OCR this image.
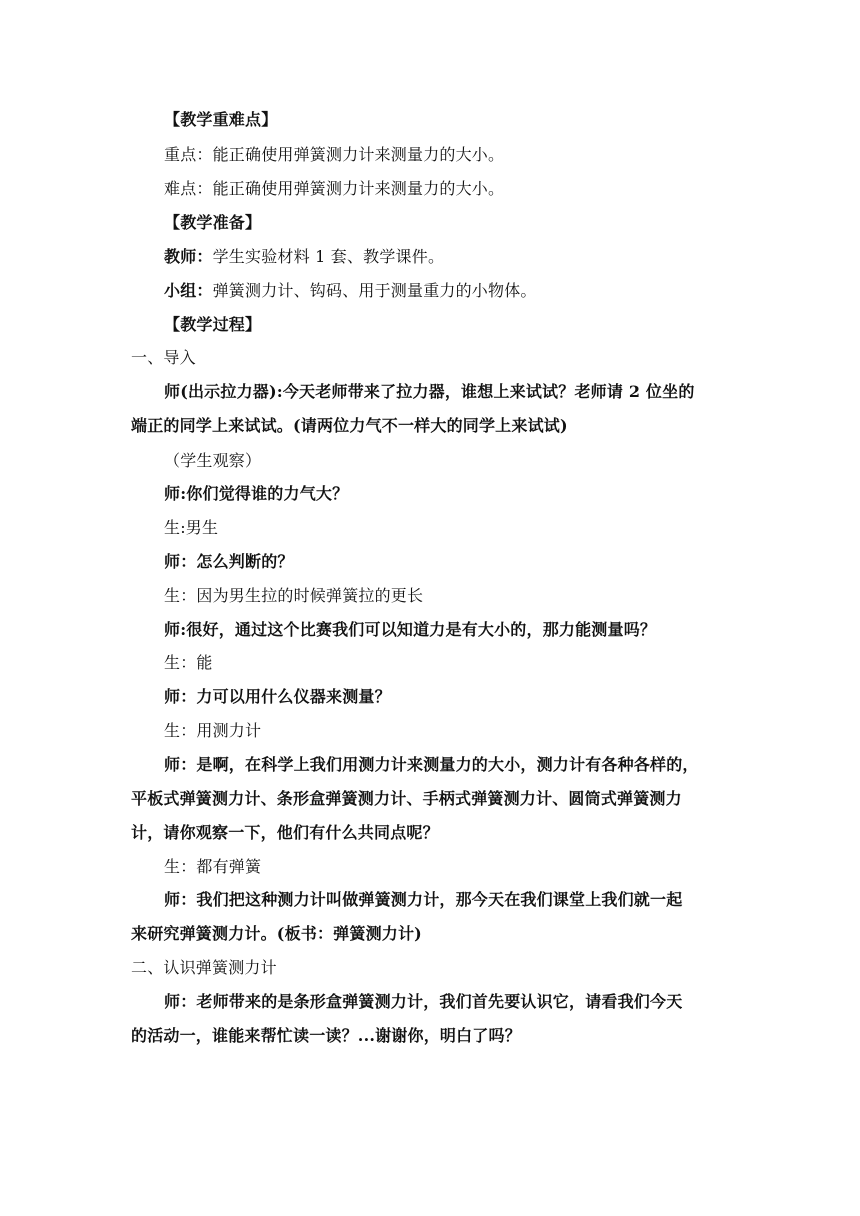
【教学重难点】
重点：能正确使用弹簧测力计来测量力的大小。
难点：能正确使用弹簧测力计来测量力的大小。
【教学准备】
教师：学生实验材料 1 套、教学课件。
小组：弹簧测力计、钩码、用于测量重力的小物体。
【教学过程】
一、导入
师(出示拉力器):今天老师带来了拉力器，谁想上来试试？老师请 2 位坐的
端正的同学上来试试。(请两位力气不一样大的同学上来试试)
（学生观察）
师:你们觉得谁的力气大？
生:男生
师：怎么判断的？
生：因为男生拉的时候弹簧拉的更长
师:很好，通过这个比赛我们可以知道力是有大小的，那力能测量吗？
生：能
师：力可以用什么仪器来测量？
生：用测力计
师：是啊，在科学上我们用测力计来测量力的大小，测力计有各种各样的，
平板式弹簧测力计、条形盒弹簧测力计、手柄式弹簧测力计、圆筒式弹簧测力
计，请你观察一下，他们有什么共同点呢？
生：都有弹簧
师：我们把这种测力计叫做弹簧测力计，那今天在我们课堂上我们就一起
来研究弹簧测力计。(板书：弹簧测力计)
二、认识弹簧测力计
师：老师带来的是条形盒弹簧测力计，我们首先要认识它，请看我们今天
的活动一，谁能来帮忙读一读？...谢谢你，明白了吗？
